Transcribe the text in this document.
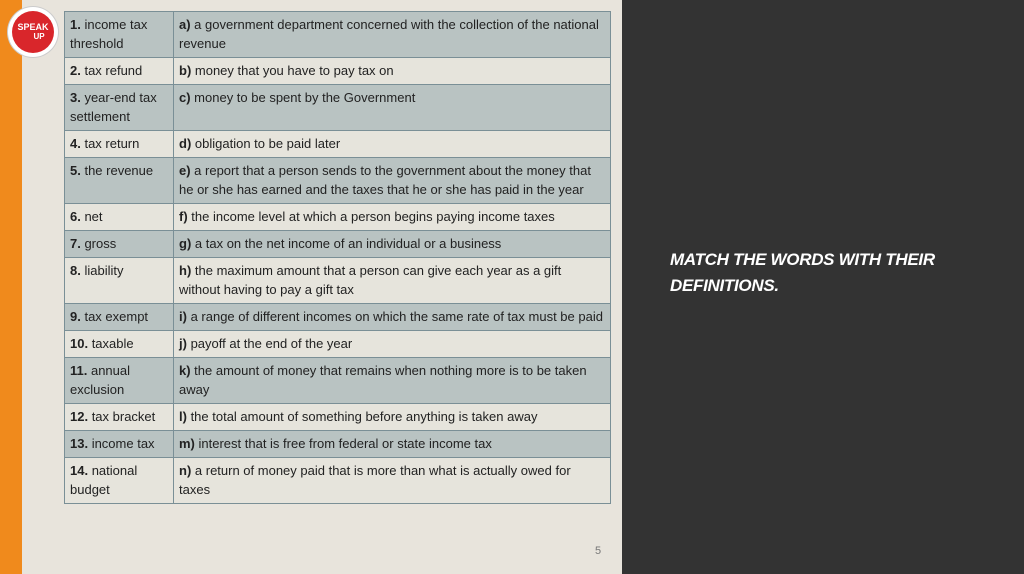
SPEAK
UP
1. income tax threshold	a) a government department concerned with the collection of the national revenue
2. tax refund	b) money that you have to pay tax on
3. year-end tax settlement	c) money to be spent by the Government
4. tax return	d) obligation to be paid later
5. the revenue	e) a report that a person sends to the government about the money that he or she has earned and the taxes that he or she has paid in the year
6. net	f) the income level at which a person begins paying income taxes
7. gross	g) a tax on the net income of an individual or a business
8. liability	h) the maximum amount that a person can give each year as a gift without having to pay a gift tax
9. tax exempt	i) a range of different incomes on which the same rate of tax must be paid
10. taxable	j) payoff at the end of the year
11. annual exclusion	k) the amount of money that remains when nothing more is to be taken away
12. tax bracket	l) the total amount of something before anything is taken away
13. income tax	m) interest that is free from federal or state income tax
14. national budget	n) a return of money paid that is more than what is actually owed for taxes
5
MATCH THE WORDS WITH THEIR DEFINITIONS.
